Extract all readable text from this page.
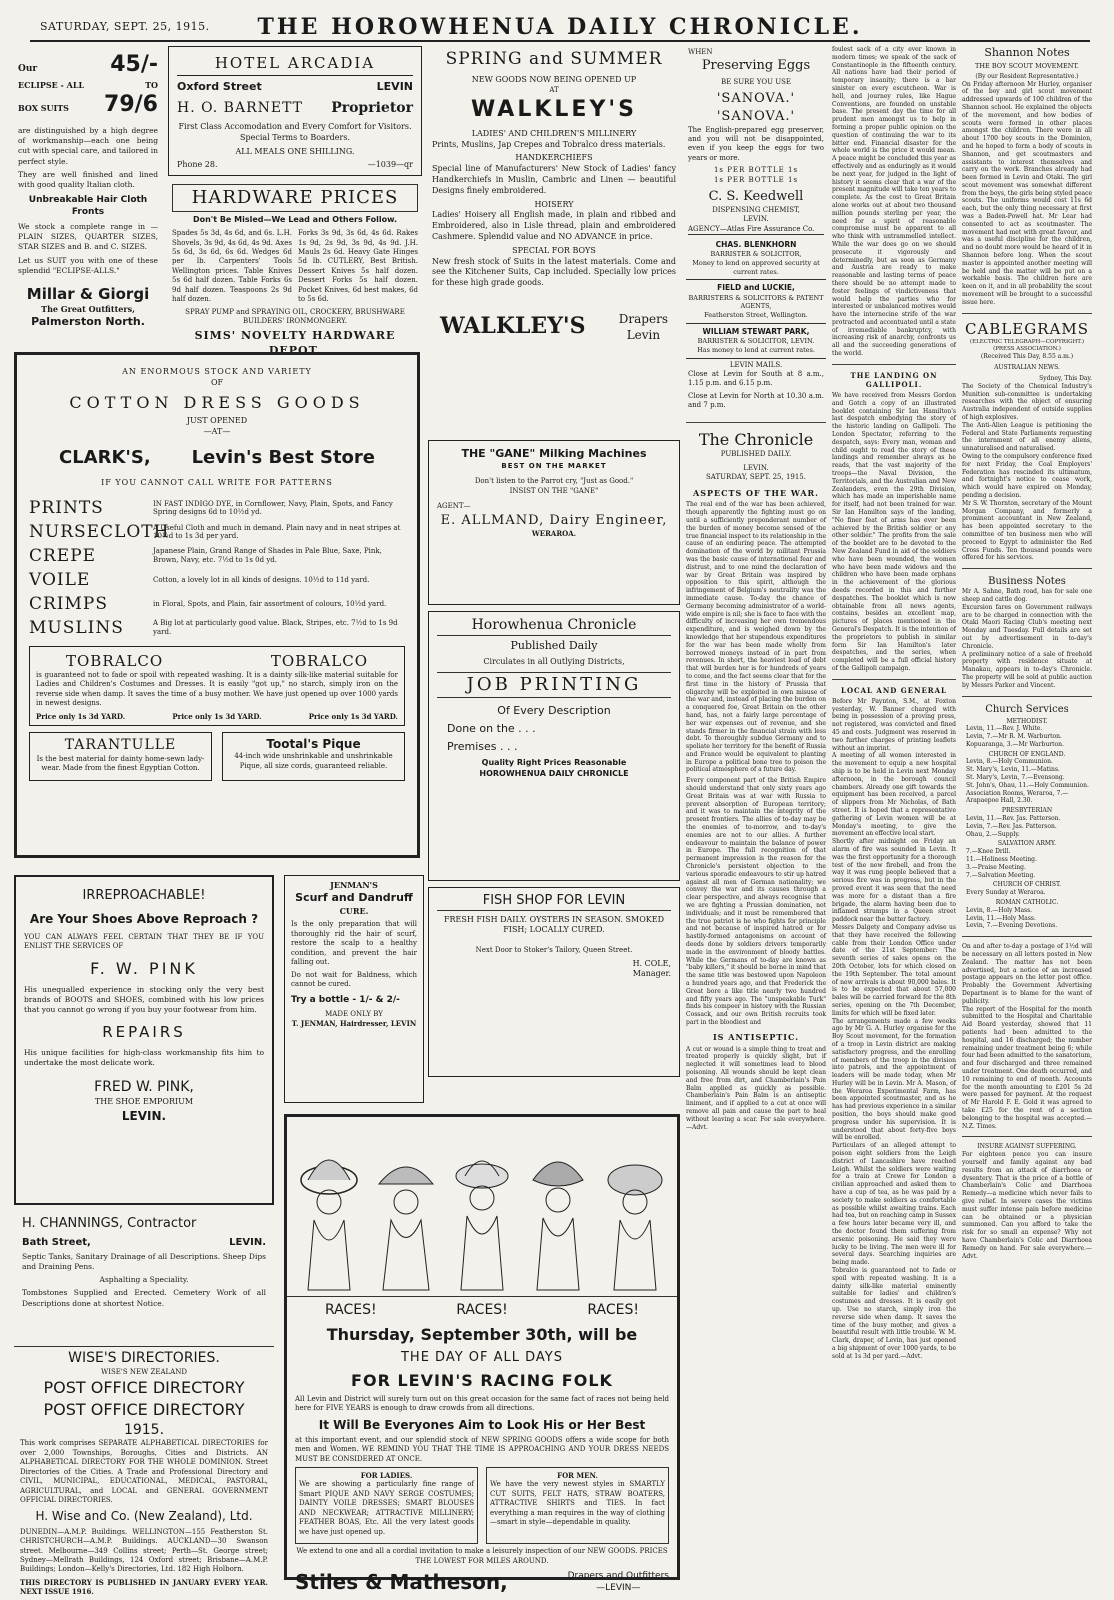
SATURDAY, SEPT. 25, 1915.	THE HOROWHENUA DAILY CHRONICLE.
Our	45/-
ECLIPSE - ALL	TO
BOX SUITS 79/6

are distinguished by a high degree of workmanship—each one being cut with special care, and tailored in perfect style.

They are well finished and lined with good quality Italian cloth.

Unbreakable Hair Cloth Fronts

We stock a complete range in — PLAIN SIZES, QUARTER SIZES, STAR SIZES and B. and C. SIZES.

Let us SUIT you with one of these splendid "ECLIPSE-ALLS."

Millar & Giorgi
The Great Outfitters,
Palmerston North.
IRREPROACHABLE!
Are Your Shoes Above Reproach ?

YOU CAN ALWAYS FEEL CERTAIN THAT THEY BE IF YOU ENLIST THE SERVICES OF

F. W. PINK

His unequalled experience in stocking only the very best brands of BOOTS and SHOES, combined with his low prices that you cannot go wrong if you buy your footwear from him.

REPAIRS

His unique facilities for high-class workmanship fits him to undertake the most delicate work.

FRED W. PINK,
THE SHOE EMPORIUM
LEVIN.
H. CHANNINGS, Contractor
Bath Street,	LEVIN.

Septic Tanks, Sanitary Drainage of all Descriptions. Sheep Dips and Draining Pens.

Asphalting a Speciality.

Tombstones Supplied and Erected. Cemetery Work of all Descriptions done at shortest Notice.

WISE'S DIRECTORIES.
WISE'S NEW ZEALAND
POST OFFICE DIRECTORY
POST OFFICE DIRECTORY
1915.

This work comprises SEPARATE ALPHABETICAL DIRECTORIES for over 2,000 Townships, Boroughs, Cities and Districts. AN ALPHABETICAL DIRECTORY FOR THE WHOLE DOMINION. Street Directories of the Cities. A Trade and Professional Directory and CIVIL, MUNICIPAL, EDUCATIONAL, MEDICAL, PASTORAL, AGRICULTURAL, and LOCAL and GENERAL GOVERNMENT OFFICIAL DIRECTORIES.

H. Wise and Co. (New Zealand), Ltd.

DUNEDIN—A.M.P. Buildings. WELLINGTON—155 Featherston St. CHRISTCHURCH—A.M.P. Buildings. AUCKLAND—30 Swanson street. Melbourne—349 Collins street; Perth—St. George street; Sydney—Mellrath Buildings, 124 Oxford street; Brisbane—A.M.P. Buildings; London—Kelly's Directories, Ltd. 182 High Holborn.

THIS DIRECTORY IS PUBLISHED IN JANUARY EVERY YEAR. NEXT ISSUE 1916.

HOTEL ARCADIA
Oxford Street	LEVIN
H. O. BARNETT Proprietor

First Class Accomodation and Every Comfort for Visitors. Special Terms to Boarders.

ALL MEALS ONE SHILLING.

Phone 28.	—1039—qr
HARDWARE PRICES
Don't Be Misled—We Lead and Others Follow.

Spades 5s 3d, 4s 6d, and 6s. L.H. Shovels, 3s 9d, 4s 6d, 4s 9d. Axes 5s 6d, 3s 6d, 6s 6d. Wedges 6d per lb. Carpenters' Tools Wellington prices. Table Knives 5s 6d half dozen. Table Forks 6s 9d half dozen. Teaspoons 2s 9d half dozen.

Forks 3s 9d, 3s 6d, 4s 6d. Rakes 1s 9d, 2s 9d, 3s 9d, 4s 9d. J.H. Mauls 2s 6d. Heavy Gate Hinges 5d lb. CUTLERY, Best British. Dessert Knives 5s half dozen. Dessert Forks 5s half dozen. Pocket Knives, 6d best makes, 6d to 5s 6d.

SPRAY PUMP and SPRAYING OIL, CROCKERY, BRUSHWARE BUILDERS' IRONMONGERY.

SIMS' NOVELTY HARDWARE DEPOT.
AN ENORMOUS STOCK AND VARIETY
OF
COTTON DRESS GOODS
JUST OPENED
—AT—
CLARK'S, Levin's Best Store
IF YOU CANNOT CALL WRITE FOR PATTERNS
PRINTS	IN FAST INDIGO DYE, in Cornflower, Navy, Plain, Spots, and Fancy Spring designs 6d to 10½d yd.
NURSECLOTH
A Useful Cloth and much in demand. Plain navy and in neat stripes at 10½d to 1s 3d per yard.
CREPE	Japanese Plain, Grand Range of Shades in Pale Blue, Saxe, Pink, Brown, Navy, etc. 7½d to 1s 0d yd.
VOILE	Cotton, a lovely lot in all kinds of designs. 10½d to 11d yard.
CRIMPS	in Floral, Spots, and Plain, fair assortment of colours, 10½d yard.
MUSLINS	A Big lot at particularly good value. Black, Stripes, etc. 7½d to 1s 9d yard.
TOBRALCO	TOBRALCO

is guaranteed not to fade or spoil with repeated washing. It is a dainty silk-like material suitable for Ladies and Children's Costumes and Dresses. It is easily "got up," no starch, simply iron on the reverse side when damp. It saves the time of a busy mother. We have just opened up over 1000 yards in newest designs.

Price only 1s 3d YARD.	Price only 1s 3d YARD.	Price only 1s 3d YARD.
TARANTULLE

Is the best material for dainty home-sewn lady-wear. Made from the finest Egyptian Cotton.

Tootal's Pique

44-inch wide unshrinkable and unshrinkable Pique, all size cords, guaranteed reliable.

JENMAN'S
Scurf and Dandruff
CURE.

Is the only preparation that will thoroughly rid the hair of scurf, restore the scalp to a healthy condition, and prevent the hair falling out.

Do not wait for Baldness, which cannot be cured.

Try a bottle - 1/- & 2/-
MADE ONLY BY
T. JENMAN, Hairdresser, LEVIN
RACES!	RACES!	RACES!
Thursday, September 30th, will be
THE DAY OF ALL DAYS
FOR LEVIN'S RACING FOLK

All Levin and District will surely turn out on this great occasion for the same fact of races not being held here for FIVE YEARS is enough to draw crowds from all directions.

It Will Be Everyones Aim to Look His or Her Best

at this important event, and our splendid stock of NEW SPRING GOODS offers a wide scope for both men and Women. WE REMIND YOU THAT THE TIME IS APPROACHING AND YOUR DRESS NEEDS MUST BE CONSIDERED AT ONCE.

FOR LADIES.

We are showing a particularly fine range of Smart PIQUE AND NAVY SERGE COSTUMES; DAINTY VOILE DRESSES; SMART BLOUSES AND NECKWEAR; ATTRACTIVE MILLINERY; FEATHER BOAS, Etc. All the very latest goods we have just opened up.

FOR MEN.

We have the very newest styles in SMARTLY CUT SUITS, FELT HATS, STRAW BOATERS, ATTRACTIVE SHIRTS and TIES. In fact everything a man requires in the way of clothing—smart in style—dependable in quality.

We extend to one and all a cordial invitation to make a leisurely inspection of our NEW GOODS. PRICES THE LOWEST FOR MILES AROUND.

Stiles & Matheson,	Drapers and Outfitters
—LEVIN—
SPRING and SUMMER
NEW GOODS NOW BEING OPENED UP
AT
WALKLEY'S
LADIES' AND CHILDREN'S MILLINERY

Prints, Muslins, Jap Crepes and Tobralco dress materials.

HANDKERCHIEFS

Special line of Manufacturers' New Stock of Ladies' fancy Handkerchiefs in Muslin, Cambric and Linen — beautiful Designs finely embroidered.

HOISERY

Ladies' Hoisery all English made, in plain and ribbed and Embroidered, also in Lisle thread, plain and embroidered Cashmere. Splendid value and NO ADVANCE in price.

SPECIAL FOR BOYS

New fresh stock of Suits in the latest materials. Come and see the Kitchener Suits, Cap included. Specially low prices for these high grade goods.

WALKLEY'S	Drapers
Levin
THE "GANE" Milking Machines
BEST ON THE MARKET
Don't listen to the Parrot cry, "Just as Good."
INSIST ON THE "GANE"
AGENT—
E. ALLMAND, Dairy Engineer,
WERAROA.
Horowhenua Chronicle
Published Daily
Circulates in all Outlying Districts,
JOB PRINTING
Of Every Description
Done on the . . .
Premises . . .
Quality Right Prices Reasonable
HOROWHENUA DAILY CHRONICLE
FISH SHOP FOR LEVIN

FRESH FISH DAILY. OYSTERS IN SEASON. SMOKED FISH; LOCALLY CURED.

Next Door to Stoker's Tailory, Queen Street.

H. COLE,
Manager.
WHEN
Preserving Eggs
BE SURE YOU USE
'SANOVA.'
'SANOVA.'

The English-prepared egg preserver, and you will not be disappointed, even if you keep the eggs for two years or more.

1s PER BOTTLE 1s
1s PER BOTTLE 1s
C. S. Keedwell
DISPENSING CHEMIST,
LEVIN.
AGENCY—Atlas Fire Assurance Co.
CHAS. BLENKHORN
BARRISTER & SOLICITOR,
Money to lend on approved security at current rates.
FIELD and LUCKIE,
BARRISTERS & SOLICITORS & PATENT AGENTS,
Featherston Street, Wellington.
WILLIAM STEWART PARK,
BARRISTER & SOLICITOR, LEVIN.
Has money to lend at current rates.
LEVIN MAILS.

Close at Levin for South at 8 a.m., 1.15 p.m. and 6.15 p.m.

Close at Levin for North at 10.30 a.m. and 7 p.m.

The Chronicle
PUBLISHED DAILY.
LEVIN.
SATURDAY, SEPT. 25, 1915.
ASPECTS OF THE WAR.

The real end of the war has been achieved, though apparently the fighting must go on until a sufficiently preponderant number of the burden of money become sensed of the true financial inspect to its relationship in the cause of an enduring peace. The attempted domination of the world by militant Prussia was the basic cause of international fear and distrust, and to one mind the declaration of war by Great Britain was inspired by opposition to this spirit, although the infringement of Belgium's neutrality was the immediate cause. To-day the chance of Germany becoming administrator of a world-wide empire is nil; she is face to face with the difficulty of increasing her own tremendous expenditure, and is weighed down by the knowledge that her stupendous expenditures for the war has been made wholly from borrowed moneys instead of in part from revenues. In short, the heaviest load of debt that will burden her is for hundreds of years to come, and the fact seems clear that for the first time in the history of Prussia that oligarchy will be exploited in own misuse of the war and, instead of placing the burden on a conquered foe, Great Britain on the other hand, has, not a fairly large percentage of her war expenses out of revenue, and she stands firmer in the financial strain with less debt. To thoroughly subdue Germany and to spoliate her territory for the benefit of Russia and France would be equivalent to planting in Europe a political bone tree to poison the political atmosphere of a future day.

Every component part of the British Empire should understand that only sixty years ago Great Britain was at war with Russia to prevent absorption of European territory; and it was to maintain the integrity of the present frontiers. The allies of to-day may be the enemies of to-morrow, and to-day's enemies are not to our allies. A further endeavour to maintain the balance of power in Europe. The full recognition of that permanent impression is the reason for the Chronicle's persistent objection to the various sporadic endeavours to stir up hatred against all men of German nationality; we convey the war and its causes through a clear perspective, and always recognise that we are fighting a Prussian domination, not individuals; and it must be remembered that the true patriot is he who fights for principle and not because of inspired hatred or for hastily-formed antagonisms on account of deeds done by soldiers drivers temporarily made in the environment of bloody battles. While the Germans of to-day are known as "baby killers," it should be borne in mind that the same title was bestowed upon Napoleon a hundred years ago, and that Frederick the Great bore a like title nearly two hundred and fifty years ago. The "unspeakable Turk" finds his compeer in history with the Russian Cossack, and our own British recruits took part in the bloodiest and

IS ANTISEPTIC.

A cut or wound is a simple thing to treat and treated properly is quickly slight, but if neglected it will sometimes lead to blood poisoning. All wounds should be kept clean and free from dirt, and Chamberlain's Pain Balm applied as quickly as possible. Chamberlain's Pain Balm is an antiseptic liniment, and if applied to a cut at once will remove all pain and cause the part to heal without leaving a scar. For sale everywhere.—Advt.

foulest sack of a city ever known in modern times; we speak of the sack of Constantinople in the fifteenth century. All nations have had their period of temporary insanity; there is a bar sinister on every escutcheon. War is hell, and journey rules, like Hague Conventions, are founded on unstable base. The present day the time for all prudent men amongst us to help in forming a proper public opinion on the question of continuing the war to its bitter end. Financial disaster for the whole world is the price it would mean. A peace might be concluded this year as effectively and as enduringly as it would be next year, for judged in the light of history it seems clear that a war of the present magnitude will take ten years to complete. As the cost to Great Britain alone works out at about two thousand million pounds sterling per year, the need for a spirit of reasonable compromise must be apparent to all who think with untrammelled intellect. While the war does go on we should prosecute it vigorously and determinedly, but as soon as Germany and Austria are ready to make reasonable and lasting terms of peace there should be no attempt made to foster feelings of vindictiveness that would help the parties who for interested or unbalanced motives would have the internecine strife of the war protracted and accentuated until a state of irremediable bankruptcy, with increasing risk of anarchy, confronts us all and the succeeding generations of the world.

THE LANDING ON GALLIPOLI.

We have received from Messrs Gordon and Gotch a copy of an illustrated booklet containing Sir Ian Hamilton's last despatch embodying the story of the historic landing on Gallipoli. The London Spectator, referring to the despatch, says: Every man, woman and child ought to read the story of these landings and remember always as he reads, that the vast majority of the troops—the Naval Division, the Territorials, and the Australian and New Zealanders, even the 29th Division, which has made an imperishable name for itself, had not been trained for war. Sir Ian Hamilton says of the landing, "No finer feat of arms has ever been achieved by the British soldier or any other soldier." The profits from the sale of the booklet are to be devoted to the New Zealand Fund in aid of the soldiers who have been wounded, the women who have been made widows and the children who have been made orphans in the achievement of the glorious deeds recorded in this and further despatches. The booklet which is now obtainable from all news agents, contains, besides an excellent map, pictures of places mentioned in the General's Despatch. It is the intention of the proprietors to publish in similar form Sir Ian Hamilton's later despatches, and the series, when completed will be a full official history of the Gallipoli campaign.

LOCAL AND GENERAL

Before Mr Paynton, S.M., at Foxton yesterday, W. Banner charged with being in possession of a proving press, not registered, was convicted and fined 45 and costs. Judgment was reserved in two further charges of printing leaflets without an imprint.
A meeting of all women interested in the movement to equip a new hospital ship is to be held in Levin next Monday afternoon, in the borough council chambers. Already one gift towards the equipment has been received, a parcel of slippers from Mr Nicholas, of Bath street. It is hoped that a representative gathering of Levin women will be at Monday's meeting, to give the movement an effective local start.
Shortly after midnight on Friday an alarm of fire was sounded in Levin. It was the first opportunity for a thorough test of the new firebell, and from the way it was rung people believed that a serious fire was in progress, but in the proved event it was seen that the need was more for a distant than a fire brigade, the alarm having been due to inflamed strumps in a Queen street paddock near the butter factory.
Messrs Dalgety and Company advise us that they have received the following cable from their London Office under date of the 21st September: The seventh series of sales opens on the 20th October, lots for which closed on the 19th September. The total amount of new arrivals is about 90,000 bales. It is to be expected that about 57,000 bales will be carried forward for the 8th series, opening on the 7th December, limits for which will be fixed later.
The arrangements made a few weeks ago by Mr G. A. Hurley organise for the Boy Scout movement, for the formation of a troop in Levin district are making satisfactory progress, and the enrolling of members of the troop in the division into patrols, and the appointment of leaders will be made today, when Mr Hurley will be in Levin. Mr A. Mason, of the Weraroa Experimental Farm, has been appointed scoutmaster, and as he has had previous experience in a similar position, the boys should make good progress under his supervision. It is understood that about forty-five boys will be enrolled.
Particulars of an alleged attempt to poison eight soldiers from the Leigh district of Lancashire have reached Leigh. Whilst the soldiers were waiting for a train at Crewe for London a civilian approached and asked them to have a cup of tea, as he was paid by a society to make soldiers as comfortable as possible whilst awaiting trains. Each had tea, but on reaching camp in Sussex a few hours later became very ill, and the doctor found them suffering from arsenic poisoning. He said they were lucky to be living. The men were ill for several days. Searching inquiries are being made.
Tobralco is guaranteed not to fade or spoil with repeated washing. It is a dainty silk-like material eminently suitable for ladies' and children's costumes and dresses. It is easily got up. Use no starch, simply iron the reverse side when damp. It saves the time of the busy mother, and gives a beautiful result with little trouble. W. M. Clark, draper, of Levin, has just opened a big shipment of over 1000 yards, to be sold at 1s 3d per yard.—Advt.

Shannon Notes
THE BOY SCOUT MOVEMENT.
(By our Resident Representative.)

On Friday afternoon Mr Hurley, organiser of the boy and girl scout movement addressed upwards of 100 children of the Shannon school. He explained the objects of the movement, and how bodies of scouts were formed in other places amongst the children. There were in all about 1700 boy scouts in the Dominion, and he hoped to form a body of scouts in Shannon, and get scoutmasters and assistants to interest themselves and carry on the work. Branches already had been formed in Levin and Otaki. The girl scout movement was somewhat different from the boys, the girls being styled peace scouts. The uniforms would cost 11s 6d each, but the only thing necessary at first was a Baden-Powell hat. Mr Lear had consented to act as scoutmaster. The movement had met with great favour, and was a useful discipline for the children, and no doubt more would be heard of it in Shannon before long. When the scout master is appointed another meeting will be held and the matter will be put on a workable basis. The children here are keen on it, and in all probability the scout movement will be brought to a successful issue here.

CABLEGRAMS
(ELECTRIC TELEGRAPH—COPYRIGHT.) (PRESS ASSOCIATION.)
(Received This Day, 8.55 a.m.)
AUSTRALIAN NEWS.
Sydney, This Day.

The Society of the Chemical Industry's Munition sub-committee is undertaking researches with the object of ensuring Australia independent of outside supplies of high explosives.
The Anti-Alien League is petitioning the Federal and State Parliaments requesting the internment of all enemy aliens, unnaturalised and naturalised.
Owing to the compulsory conference fixed for next Friday, the Coal Employers' Federation has rescinded its ultimatum, and fortnight's notice to cease work, which would have expired on Monday, pending a decision.
Mr S. W. Thornton, secretary of the Mount Morgan Company, and formerly a prominent accountant in New Zealand, has been appointed secretary to the committee of ten business men who will proceed to Egypt to administer the Red Cross Funds. Ten thousand pounds were offered for his services.

Business Notes

Mr A. Sahne, Bath road, has for sale one sheep and cattle dog.
Excursion fares on Government railways are to be charged in connection with the Otaki Maori Racing Club's meeting next Monday and Tuesday. Full details are set out by advertisement in to-day's Chronicle.
A preliminary notice of a sale of freehold property with residence situate at Manakau, appears in to-day's Chronicle. The property will be sold at public auction by Messrs Parker and Vincent.

Church Services
METHODIST.
Levin, 11.—Rev. J. White.
Levin, 7.—Mr R. M. Warburton.
Kopuaranga, 3.—Mr Warburton.
CHURCH OF ENGLAND.
Levin, 8.—Holy Communion.
St. Mary's, Levin, 11.—Matins.
St. Mary's, Levin, 7.—Evensong.
St. John's, Ohau, 11.—Holy Communion.
Association Rooms, Weraroa, 7.—Arapaepoe Hall, 2.30.
PRESBYTERIAN
Levin, 11.—Rev. Jas. Patterson.
Levin, 7.—Rev. Jas. Patterson.
Ohau, 2.—Supply.
SALVATION ARMY.
7.—Knee Drill.
11.—Holiness Meeting.
3.—Praise Meeting.
7.—Salvation Meeting.
CHURCH OF CHRIST.
Every Sunday at Weraroa.
ROMAN CATHOLIC.
Levin, 8.—Holy Mass.
Levin, 11.—Holy Mass.
Levin, 7.—Evening Devotions.

On and after to-day a postage of 1½d will be necessary on all letters posted in New Zealand. The matter has not been advertised, but a notice of an increased postage appears on the letter post office. Probably the Government Advertising Department is to blame for the want of publicity.
The report of the Hospital for the month submitted to the Hospital and Charitable Aid Board yesterday, showed that 11 patients had been admitted to the hospital, and 16 discharged; the number remaining under treatment being 6; while four had been admitted to the sanatorium, and four discharged and three remained under treatment. One death occurred, and 10 remaining to end of month. Accounts for the month amounting to £201 5s 2d were passed for payment. At the request of Mr Harold F. E. Gold it was agreed to take £25 for the rent of a section belonging to the hospital was accepted.—N.Z. Times.

INSURE AGAINST SUFFERING.

For eighteen pence you can insure yourself and family against any bad results from an attack of diarrhoea or dysentery. That is the price of a bottle of Chamberlain's Colic and Diarrhoea Remedy—a medicine which never fails to give relief. In severe cases the victims must suffer intense pain before medicine can be obtained or a physician summoned. Can you afford to take the risk for so small an expense? Why not have Chamberlain's Colic and Diarrhoea Remedy on hand. For sale everywhere.—Advt.
